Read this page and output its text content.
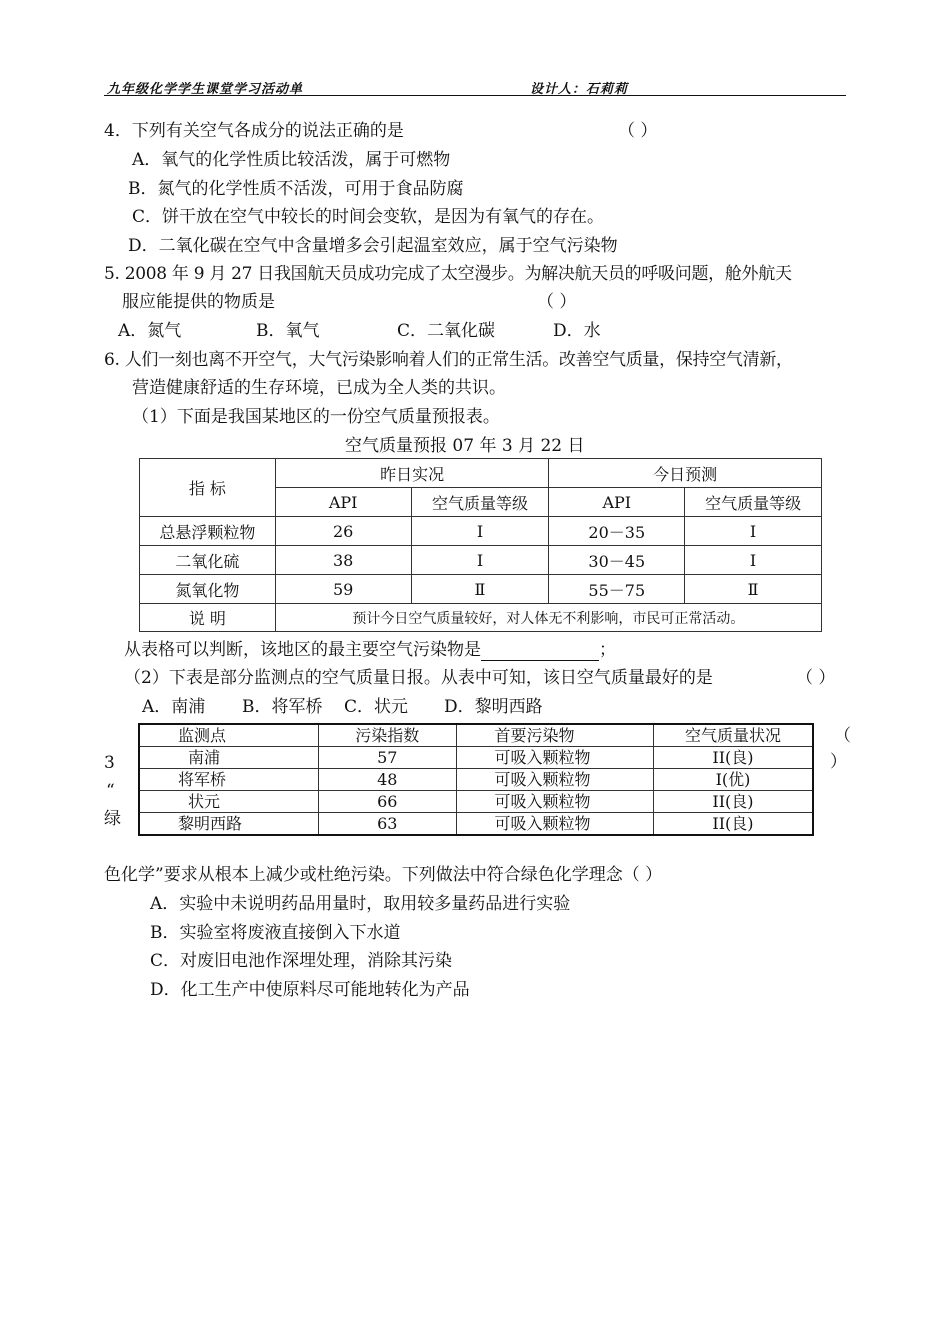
九年级化学学生课堂学习活动单	设计人：石莉莉
4．下列有关空气各成分的说法正确的是	（ ）
A．氧气的化学性质比较活泼，属于可燃物
B．氮气的化学性质不活泼，可用于食品防腐
C．饼干放在空气中较长的时间会变软，是因为有氧气的存在。
D．二氧化碳在空气中含量增多会引起温室效应，属于空气污染物
5. 2008 年 9 月 27 日我国航天员成功完成了太空漫步。为解决航天员的呼吸问题，舱外航天
服应能提供的物质是	（ ）
A．氮气	B．氧气	C．二氧化碳	D．水
6. 人们一刻也离不开空气，大气污染影响着人们的正常生活。改善空气质量，保持空气清新，
营造健康舒适的生存环境，已成为全人类的共识。
（1）下面是我国某地区的一份空气质量预报表。
空气质量预报 07 年 3 月 22 日
指 标	昨日实况		今日预测	
	API	空气质量等级	API	空气质量等级
总悬浮颗粒物	26	Ⅰ	20－35	Ⅰ
二氧化硫	38	Ⅰ	30－45	Ⅰ
氮氧化物	59	Ⅱ	55－75	Ⅱ
说 明	预计今日空气质量较好，对人体无不利影响，市民可正常活动。			
从表格可以判断，该地区的最主要空气污染物是	；
（2）下表是部分监测点的空气质量日报。从表中可知，该日空气质量最好的是	（ ）
A．南浦 B．将军桥 C．状元 D．黎明西路
监测点	污染指数	首要污染物	空气质量状况
南浦	57	可吸入颗粒物	II(良)
将军桥	48	可吸入颗粒物	I(优)
状元	66	可吸入颗粒物	II(良)
黎明西路	63	可吸入颗粒物	II(良)
3
“
绿
（
）
色化学”要求从根本上减少或杜绝污染。下列做法中符合绿色化学理念（ ）
A．实验中未说明药品用量时，取用较多量药品进行实验
B．实验室将废液直接倒入下水道
C．对废旧电池作深埋处理，消除其污染
D．化工生产中使原料尽可能地转化为产品
